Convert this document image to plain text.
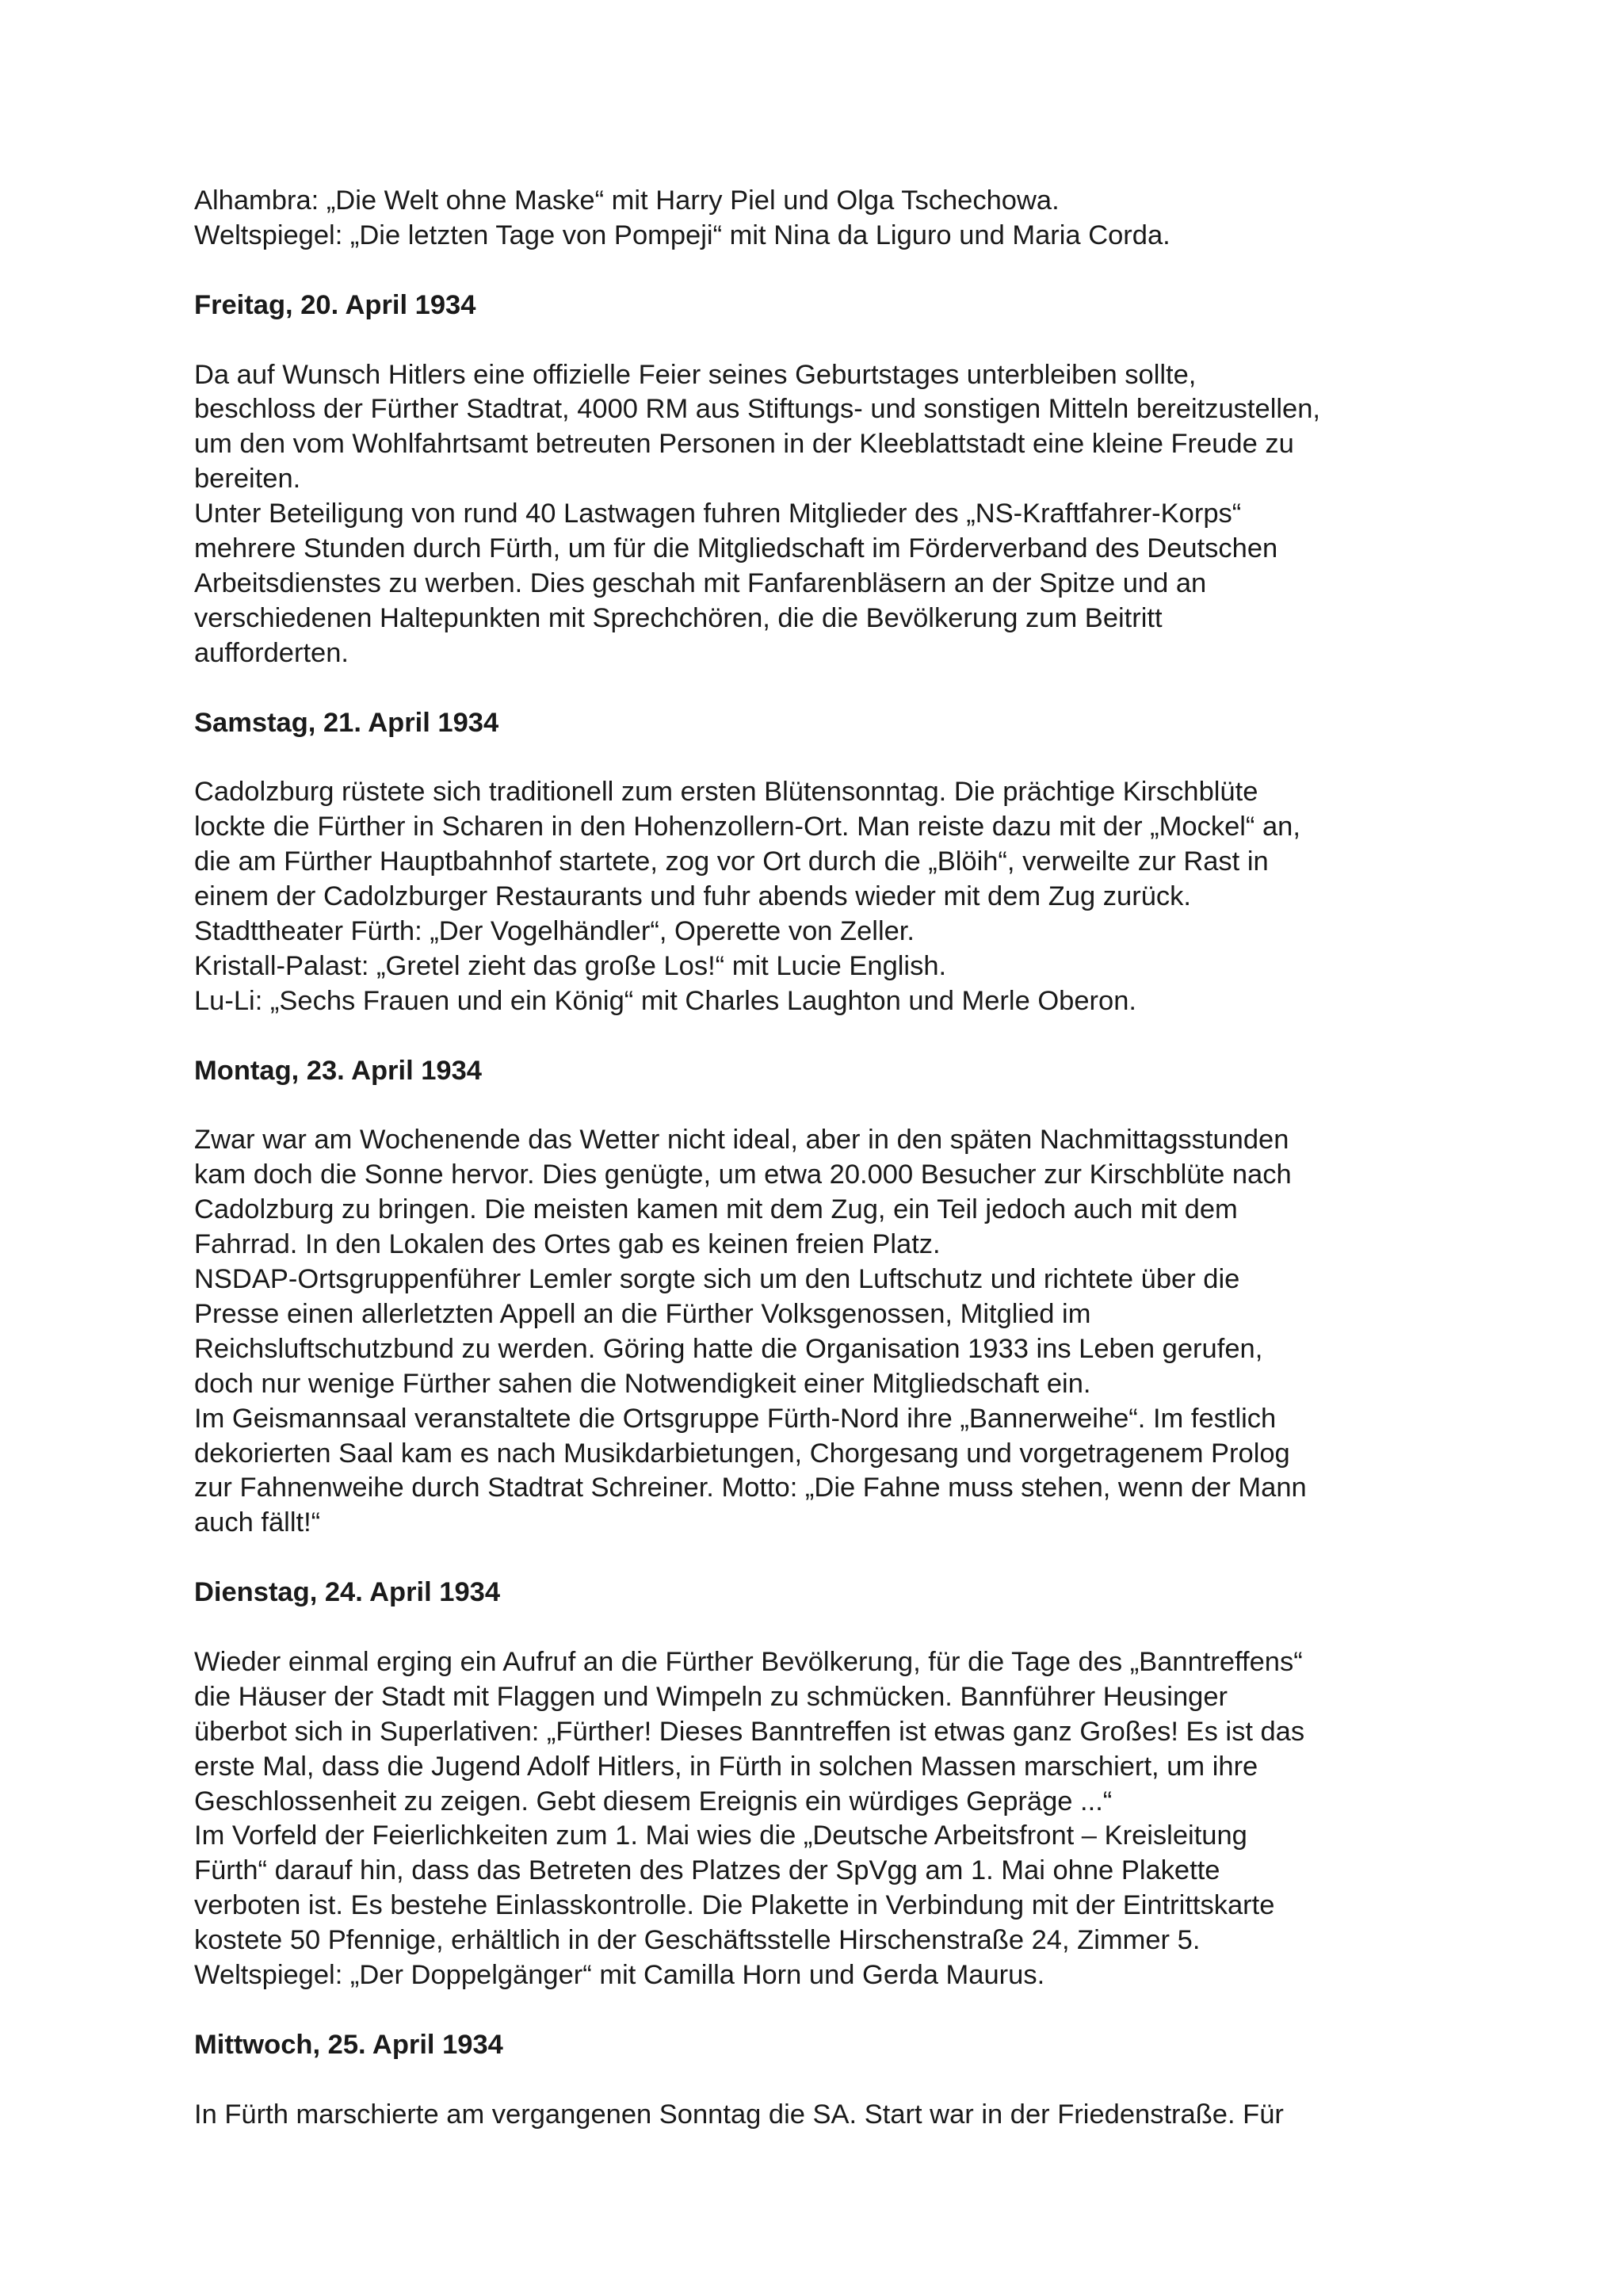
Alhambra: „Die Welt ohne Maske“ mit Harry Piel und Olga Tschechowa.
Weltspiegel: „Die letzten Tage von Pompeji“ mit Nina da Liguro und Maria Corda.
Freitag, 20. April 1934
Da auf Wunsch Hitlers eine offizielle Feier seines Geburtstages unterbleiben sollte,
beschloss der Fürther Stadtrat, 4000 RM aus Stiftungs- und sonstigen Mitteln bereitzustellen,
um den vom Wohlfahrtsamt betreuten Personen in der Kleeblattstadt eine kleine Freude zu
bereiten.
Unter Beteiligung von rund 40 Lastwagen fuhren Mitglieder des „NS-Kraftfahrer-Korps“
mehrere Stunden durch Fürth, um für die Mitgliedschaft im Förderverband des Deutschen
Arbeitsdienstes zu werben. Dies geschah mit Fanfarenbläsern an der Spitze und an
verschiedenen Haltepunkten mit Sprechchören, die die Bevölkerung zum Beitritt
aufforderten.
Samstag, 21. April 1934
Cadolzburg rüstete sich traditionell zum ersten Blütensonntag. Die prächtige Kirschblüte
lockte die Fürther in Scharen in den Hohenzollern-Ort. Man reiste dazu mit der „Mockel“ an,
die am Fürther Hauptbahnhof startete, zog vor Ort durch die „Blöih“, verweilte zur Rast in
einem der Cadolzburger Restaurants und fuhr abends wieder mit dem Zug zurück.
Stadttheater Fürth: „Der Vogelhändler“, Operette von Zeller.
Kristall-Palast: „Gretel zieht das große Los!“ mit Lucie English.
Lu-Li: „Sechs Frauen und ein König“ mit Charles Laughton und Merle Oberon.
Montag, 23. April 1934
Zwar war am Wochenende das Wetter nicht ideal, aber in den späten Nachmittagsstunden
kam doch die Sonne hervor. Dies genügte, um etwa 20.000 Besucher zur Kirschblüte nach
Cadolzburg zu bringen. Die meisten kamen mit dem Zug, ein Teil jedoch auch mit dem
Fahrrad. In den Lokalen des Ortes gab es keinen freien Platz.
NSDAP-Ortsgruppenführer Lemler sorgte sich um den Luftschutz und richtete über die
Presse einen allerletzten Appell an die Fürther Volksgenossen, Mitglied im
Reichsluftschutzbund zu werden. Göring hatte die Organisation 1933 ins Leben gerufen,
doch nur wenige Fürther sahen die Notwendigkeit einer Mitgliedschaft ein.
Im Geismannsaal veranstaltete die Ortsgruppe Fürth-Nord ihre „Bannerweihe“. Im festlich
dekorierten Saal kam es nach Musikdarbietungen, Chorgesang und vorgetragenem Prolog
zur Fahnenweihe durch Stadtrat Schreiner. Motto: „Die Fahne muss stehen, wenn der Mann
auch fällt!“
Dienstag, 24. April 1934
Wieder einmal erging ein Aufruf an die Fürther Bevölkerung, für die Tage des „Banntreffens“
die Häuser der Stadt mit Flaggen und Wimpeln zu schmücken. Bannführer Heusinger
überbot sich in Superlativen: „Fürther! Dieses Banntreffen ist etwas ganz Großes! Es ist das
erste Mal, dass die Jugend Adolf Hitlers, in Fürth in solchen Massen marschiert, um ihre
Geschlossenheit zu zeigen. Gebt diesem Ereignis ein würdiges Gepräge ...“
Im Vorfeld der Feierlichkeiten zum 1. Mai wies die „Deutsche Arbeitsfront – Kreisleitung
Fürth“ darauf hin, dass das Betreten des Platzes der SpVgg am 1. Mai ohne Plakette
verboten ist. Es bestehe Einlasskontrolle. Die Plakette in Verbindung mit der Eintrittskarte
kostete 50 Pfennige, erhältlich in der Geschäftsstelle Hirschenstraße 24, Zimmer 5.
Weltspiegel: „Der Doppelgänger“ mit Camilla Horn und Gerda Maurus.
Mittwoch, 25. April 1934
In Fürth marschierte am vergangenen Sonntag die SA. Start war in der Friedenstraße. Für
